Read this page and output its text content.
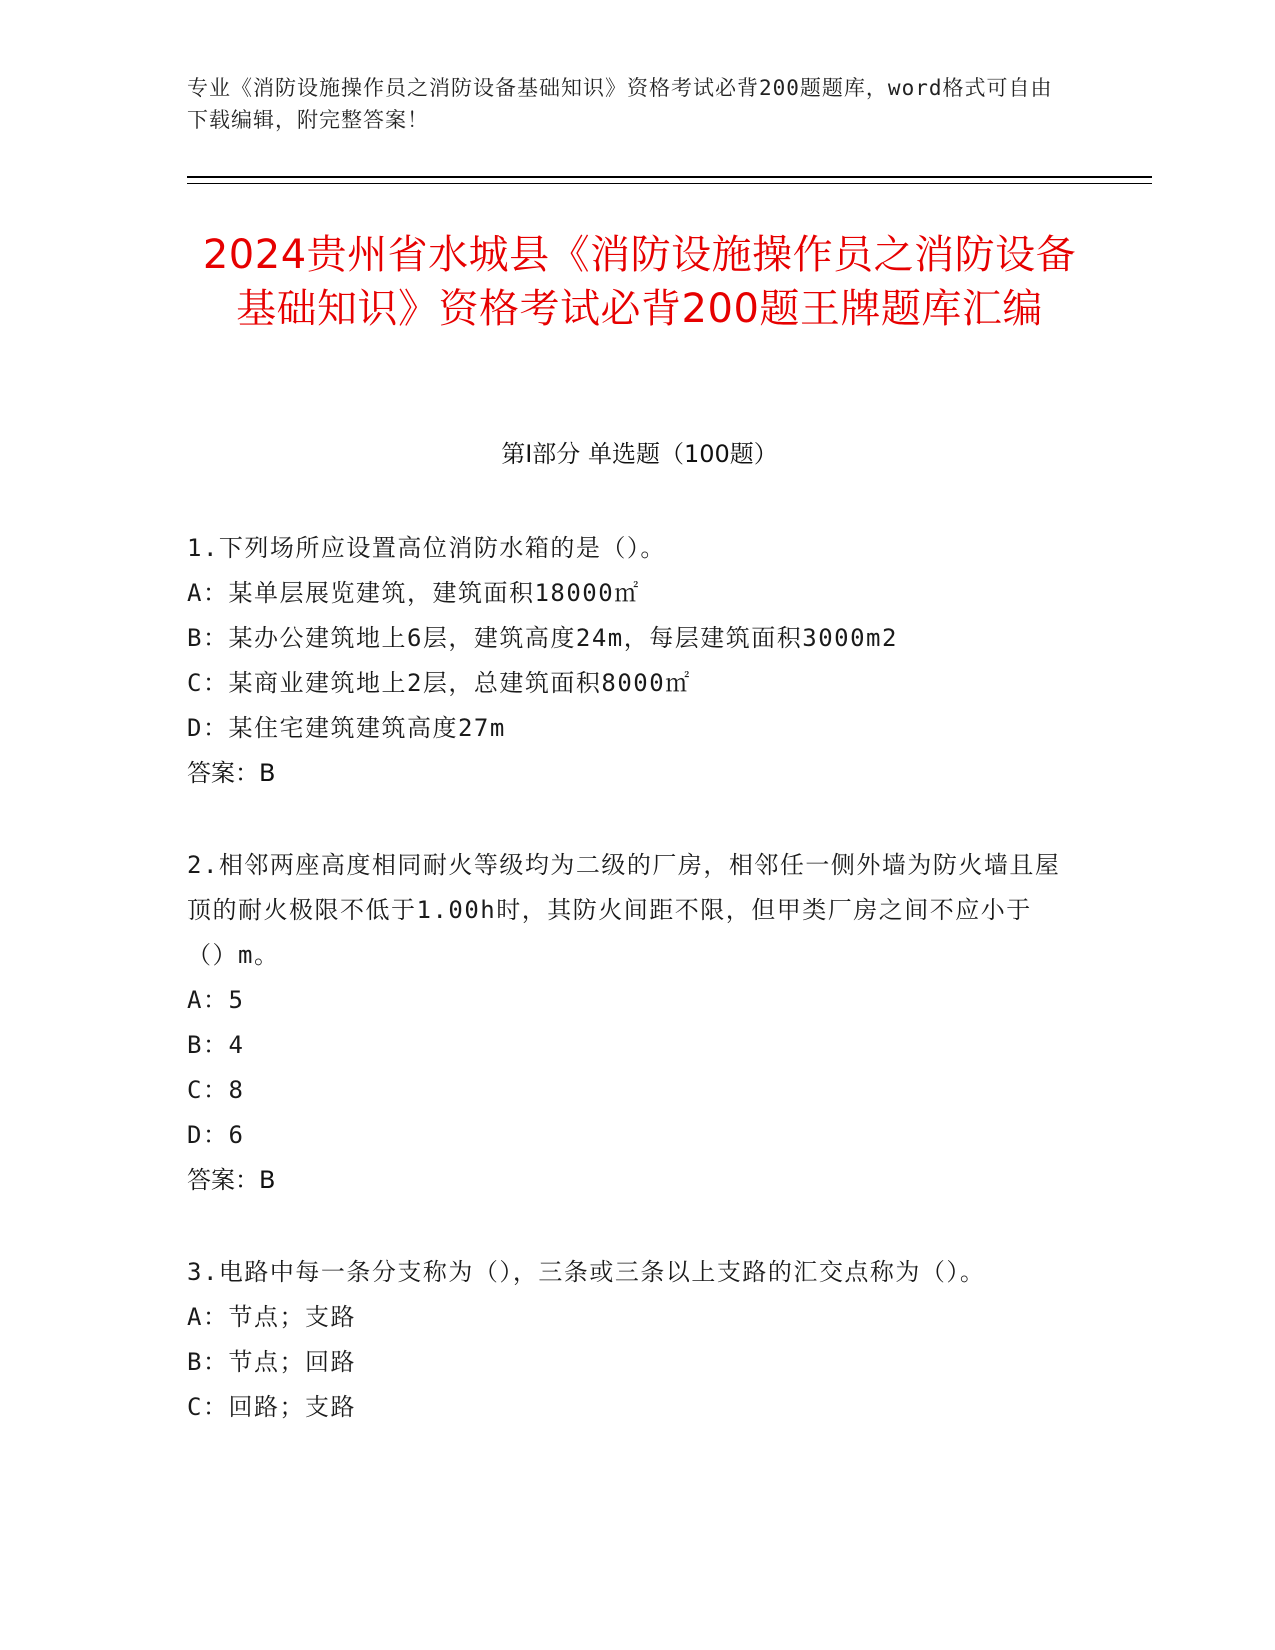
专业《消防设施操作员之消防设备基础知识》资格考试必背200题题库，word格式可自由下载编辑，附完整答案！
2024贵州省水城县《消防设施操作员之消防设备基础知识》资格考试必背200题王牌题库汇编
第Ⅰ部分 单选题（100题）
1.下列场所应设置高位消防水箱的是（）。
A：某单层展览建筑，建筑面积18000㎡
B：某办公建筑地上6层，建筑高度24m，每层建筑面积3000m2
C：某商业建筑地上2层，总建筑面积8000㎡
D：某住宅建筑建筑高度27m
答案：B
2.相邻两座高度相同耐火等级均为二级的厂房，相邻任一侧外墙为防火墙且屋顶的耐火极限不低于1.00h时，其防火间距不限，但甲类厂房之间不应小于（）m。
A：5
B：4
C：8
D：6
答案：B
3.电路中每一条分支称为（），三条或三条以上支路的汇交点称为（）。
A：节点；支路
B：节点；回路
C：回路；支路
